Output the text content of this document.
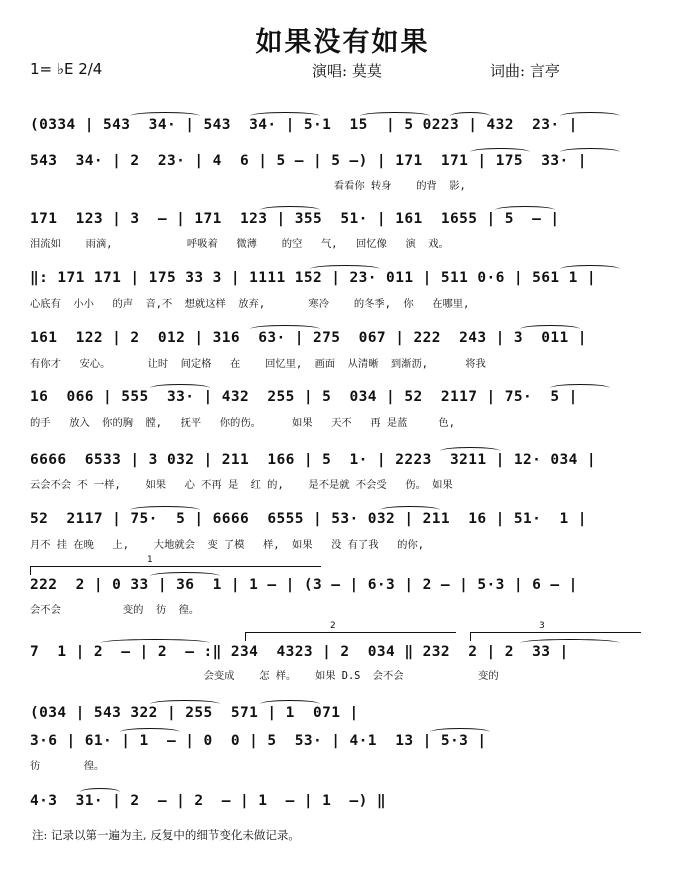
如果没有如果
1= ♭E 2/4	演唱: 莫莫	词曲: 言亭
(0334 | 543  34· | 543  34· | 5·1  15  | 5 0223 | 432  23· |
543  34· | 2  23· | 4  6 | 5 – | 5 –) | 171  171 | 175  33· |
看看你 转身    的背  影,
171  123 | 3  – | 171  123 | 355  51· | 161  1655 | 5  – |
泪流如    雨滴,            呼吸着   微薄    的空   气,   回忆像   演  戏。
‖: 171 171 | 175 33 3 | 1111 152 | 23· 011 | 511 0·6 | 561 1 |
心底有  小小   的声  音,不  想就这样  放弃,       寒冷    的冬季,  你   在哪里,
161  122 | 2  012 | 316  63· | 275  067 | 222  243 | 3  011 |
有你才   安心。      让时  间定格   在    回忆里,  画面  从清晰  到渐沥,      将我
16  066 | 555  33· | 432  255 | 5  034 | 52  2117 | 75·  5 |
的手   放入  你的胸  膛,   抚平   你的伤。     如果   天不   再 是蓝     色,
6666  6533 | 3 032 | 211  166 | 5  1· | 2223  3211 | 12· 034 |
云会不会 不 一样,    如果   心 不再 是  红 的,    是不是就 不会受   伤。 如果
52  2117 | 75·  5 | 6666  6555 | 53· 032 | 211  16 | 51·  1 |
月不 挂 在晚   上,    大地就会  变 了模   样,  如果   没 有了我   的你,
222  2 | 0 33 | 36  1 | 1 – | (3 – | 6·3 | 2 – | 5·3 | 6 – |
会不会          变的  彷  徨。
7  1 | 2  – | 2  – :‖ 234  4323 | 2  034 ‖ 232  2 | 2  33 |
会变成    怎 样。   如果 D.S  会不会            变的
(034 | 543 322 | 255  571 | 1  071 |
3·6 | 61· | 1  – | 0  0 | 5  53· | 4·1  13 | 5·3 |
彷       徨。
4·3  31· | 2  – | 2  – | 1  – | 1  –) ‖
1
2	3
注: 记录以第一遍为主, 反复中的细节变化未做记录。
